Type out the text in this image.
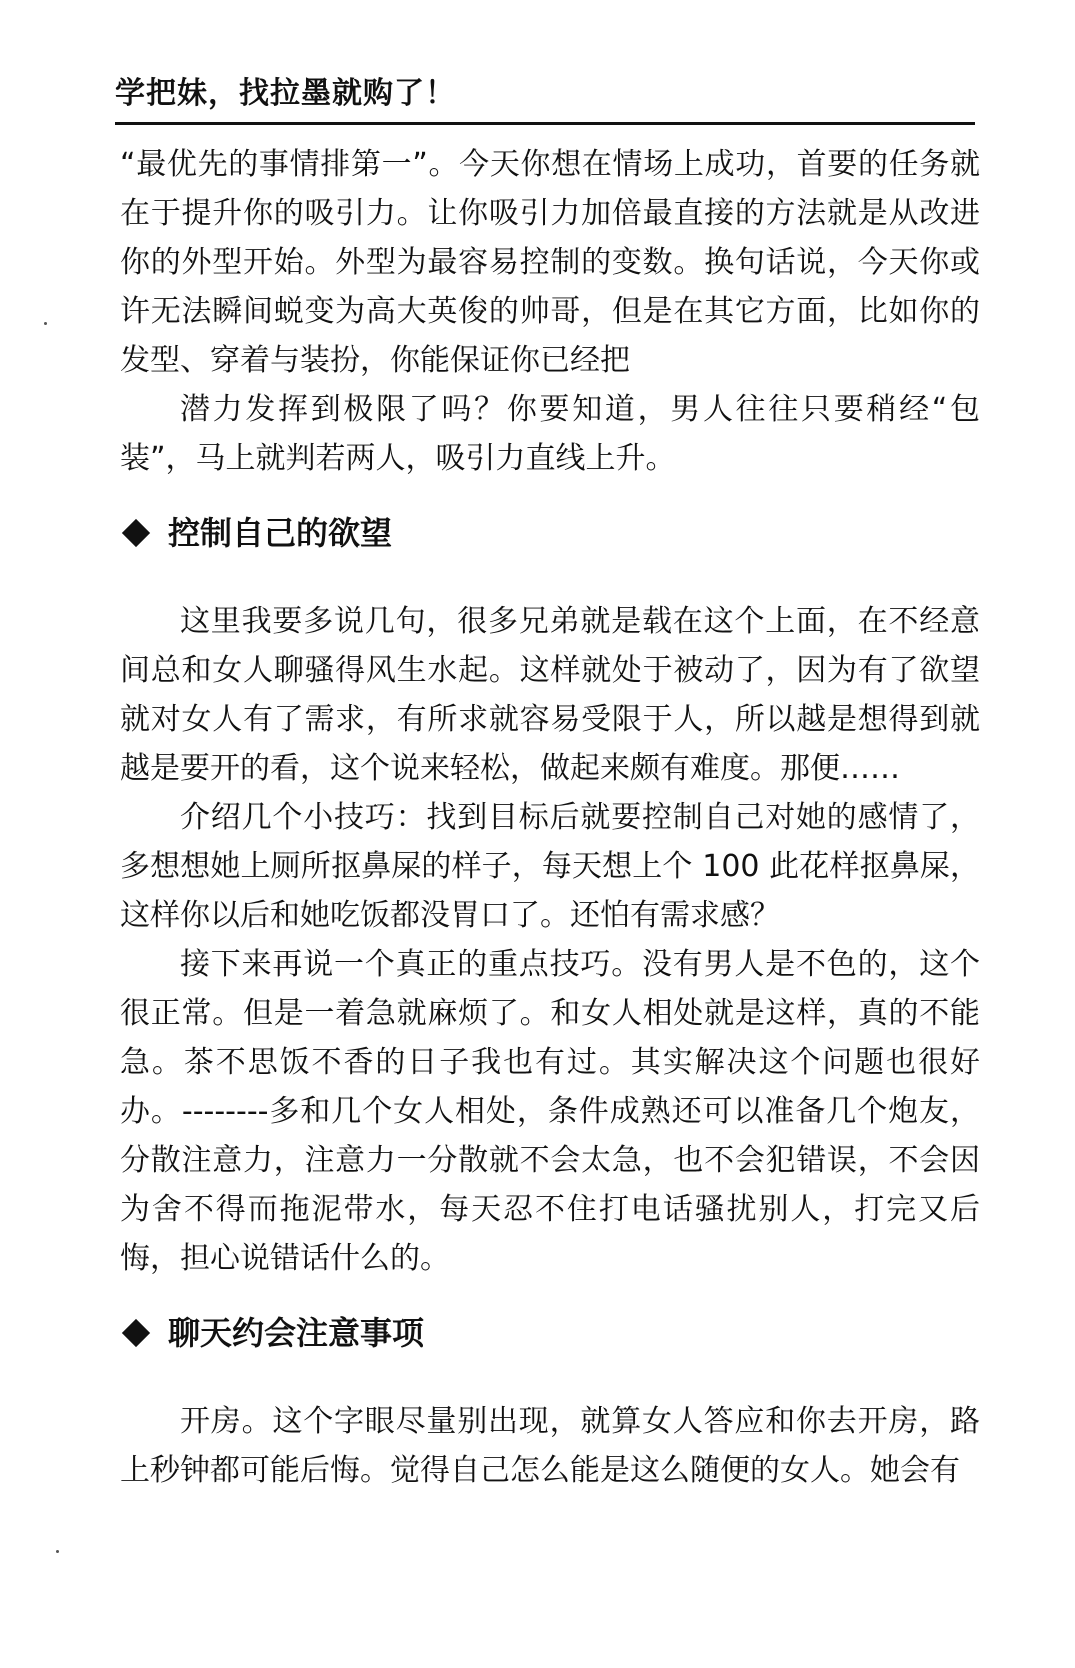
学把妹，找拉墨就购了！

“最优先的事情排第一”。今天你想在情场上成功，首要的任务就在于提升你的吸引力。让你吸引力加倍最直接的方法就是从改进你的外型开始。外型为最容易控制的变数。换句话说，今天你或许无法瞬间蜕变为高大英俊的帅哥，但是在其它方面，比如你的发型、穿着与装扮，你能保证你已经把

潜力发挥到极限了吗？你要知道，男人往往只要稍经“包装”，马上就判若两人，吸引力直线上升。

控制自己的欲望

这里我要多说几句，很多兄弟就是载在这个上面，在不经意间总和女人聊骚得风生水起。这样就处于被动了，因为有了欲望就对女人有了需求，有所求就容易受限于人，所以越是想得到就越是要开的看，这个说来轻松，做起来颇有难度。那便……

介绍几个小技巧：找到目标后就要控制自己对她的感情了，多想想她上厕所抠鼻屎的样子，每天想上个 100 此花样抠鼻屎，这样你以后和她吃饭都没胃口了。还怕有需求感？

接下来再说一个真正的重点技巧。没有男人是不色的，这个很正常。但是一着急就麻烦了。和女人相处就是这样，真的不能急。茶不思饭不香的日子我也有过。其实解决这个问题也很好办。--------多和几个女人相处，条件成熟还可以准备几个炮友，分散注意力，注意力一分散就不会太急，也不会犯错误，不会因为舍不得而拖泥带水，每天忍不住打电话骚扰别人，打完又后悔，担心说错话什么的。

聊天约会注意事项

开房。这个字眼尽量别出现，就算女人答应和你去开房，路上秒钟都可能后悔。觉得自己怎么能是这么随便的女人。她会有
